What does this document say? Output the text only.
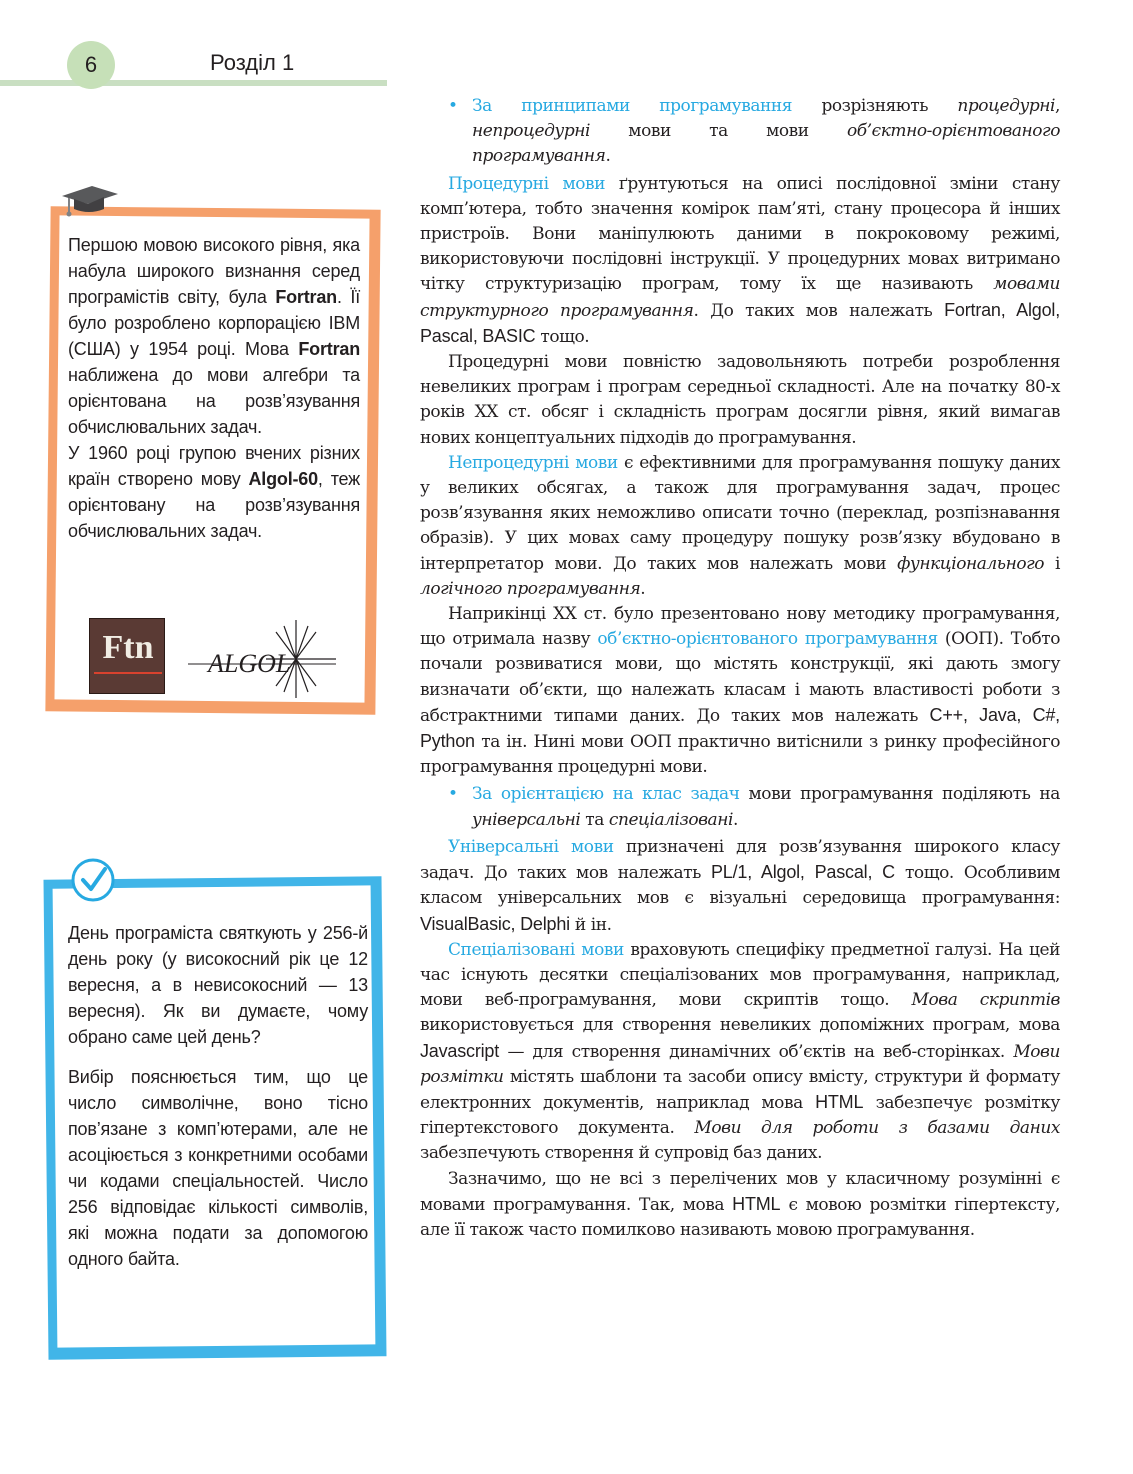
6	Розділ 1

Першою мовою високого рівня, яка набула широкого визнання серед програмістів світу, була Fortran. Її було розроблено корпорацією IBM (США) у 1954 році. Мова Fortran наближена до мови алгебри та орієнтована на розв’язування обчислювальних задач.

У 1960 році групою вчених різних країн створено мову Algol-60, теж орієнтовану на розв’язування обчислювальних задач.

Ftn	ALGOL

День програміста святкують у 256-й день року (у високосний рік це 12 вересня, а в невисокосний — 13 вересня). Як ви думаєте, чому обрано саме цей день?

Вибір пояснюється тим, що це число символічне, воно тісно пов’язане з комп’ютерами, але не асоціюється з конкретними особами чи кодами спеціальностей. Число 256 відповідає кількості символів, які можна подати за допомогою одного байта.

• За принципами програмування розрізняють процедурні, непроцедурні мови та мови об’єктно-орієнтованого програмування.

Процедурні мови ґрунтуються на описі послідовної зміни стану комп’ютера, тобто значення комірок пам’яті, стану процесора й інших пристроїв. Вони маніпулюють даними в покроковому режимі, використовуючи послідовні інструкції. У процедурних мовах витримано чітку структуризацію програм, тому їх ще називають мовами структурного програмування. До таких мов належать Fortran, Algol, Pascal, BASIC тощо.

Процедурні мови повністю задовольняють потреби розроблення невеликих програм і програм середньої складності. Але на початку 80-х років XX ст. обсяг і складність програм досягли рівня, який вимагав нових концептуальних підходів до програмування.

Непроцедурні мови є ефективними для програмування пошуку даних у великих обсягах, а також для програмування задач, процес розв’язування яких неможливо описати точно (переклад, розпізнавання образів). У цих мовах саму процедуру пошуку розв’язку вбудовано в інтерпретатор мови. До таких мов належать мови функціонального і логічного програмування.

Наприкінці XX ст. було презентовано нову методику програмування, що отримала назву об’єктно-орієнтованого програмування (ООП). Тобто почали розвиватися мови, що містять конструкції, які дають змогу визначати об’єкти, що належать класам і мають властивості роботи з абстрактними типами даних. До таких мов належать C++, Java, C#, Python та ін. Нині мови ООП практично витіснили з ринку професійного програмування процедурні мови.

• За орієнтацією на клас задач мови програмування поділяють на універсальні та спеціалізовані.

Універсальні мови призначені для розв’язування широкого класу задач. До таких мов належать PL/1, Algol, Pascal, C тощо. Особливим класом універсальних мов є візуальні середовища програмування: VisualBasic, Delphi й ін.

Спеціалізовані мови враховують специфіку предметної галузі. На цей час існують десятки спеціалізованих мов програмування, наприклад, мови веб-програмування, мови скриптів тощо. Мова скриптів використовується для створення невеликих допоміжних програм, мова Javascript — для створення динамічних об’єктів на веб-сторінках. Мови розмітки містять шаблони та засоби опису вмісту, структури й формату електронних документів, наприклад мова HTML забезпечує розмітку гіпертекстового документа. Мови для роботи з базами даних забезпечують створення й супровід баз даних.

Зазначимо, що не всі з перелічених мов у класичному розумінні є мовами програмування. Так, мова HTML є мовою розмітки гіпертексту, але її також часто помилково називають мовою програмування.
